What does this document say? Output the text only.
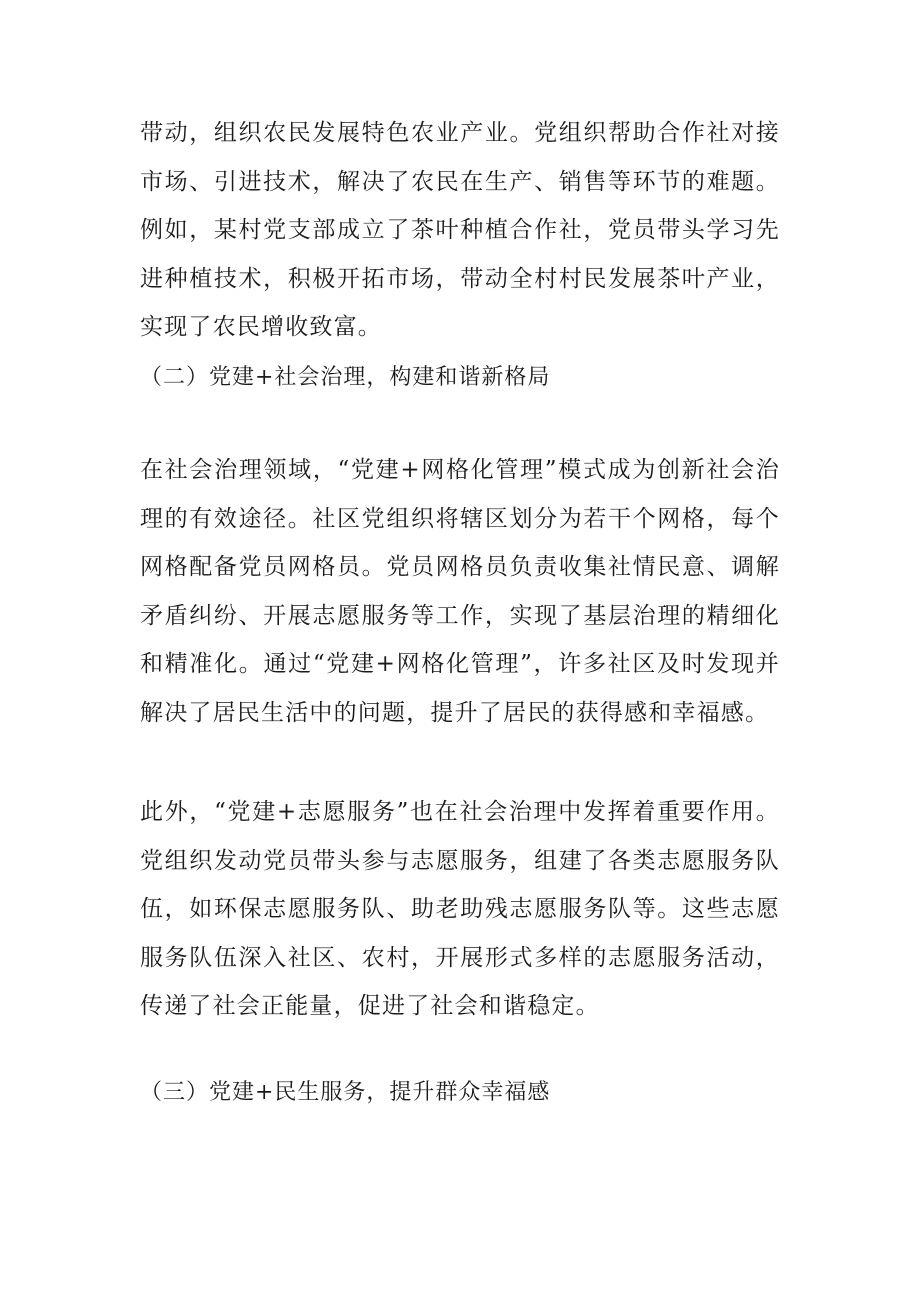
带动，组织农民发展特色农业产业。党组织帮助合作社对接市场、引进技术，解决了农民在生产、销售等环节的难题。例如，某村党支部成立了茶叶种植合作社，党员带头学习先进种植技术，积极开拓市场，带动全村村民发展茶叶产业，实现了农民增收致富。

（二）党建+社会治理，构建和谐新格局

在社会治理领域，“党建+网格化管理”模式成为创新社会治理的有效途径。社区党组织将辖区划分为若干个网格，每个网格配备党员网格员。党员网格员负责收集社情民意、调解矛盾纠纷、开展志愿服务等工作，实现了基层治理的精细化和精准化。通过“党建+网格化管理”，许多社区及时发现并解决了居民生活中的问题，提升了居民的获得感和幸福感。

此外，“党建+志愿服务”也在社会治理中发挥着重要作用。党组织发动党员带头参与志愿服务，组建了各类志愿服务队伍，如环保志愿服务队、助老助残志愿服务队等。这些志愿服务队伍深入社区、农村，开展形式多样的志愿服务活动，传递了社会正能量，促进了社会和谐稳定。

（三）党建+民生服务，提升群众幸福感
